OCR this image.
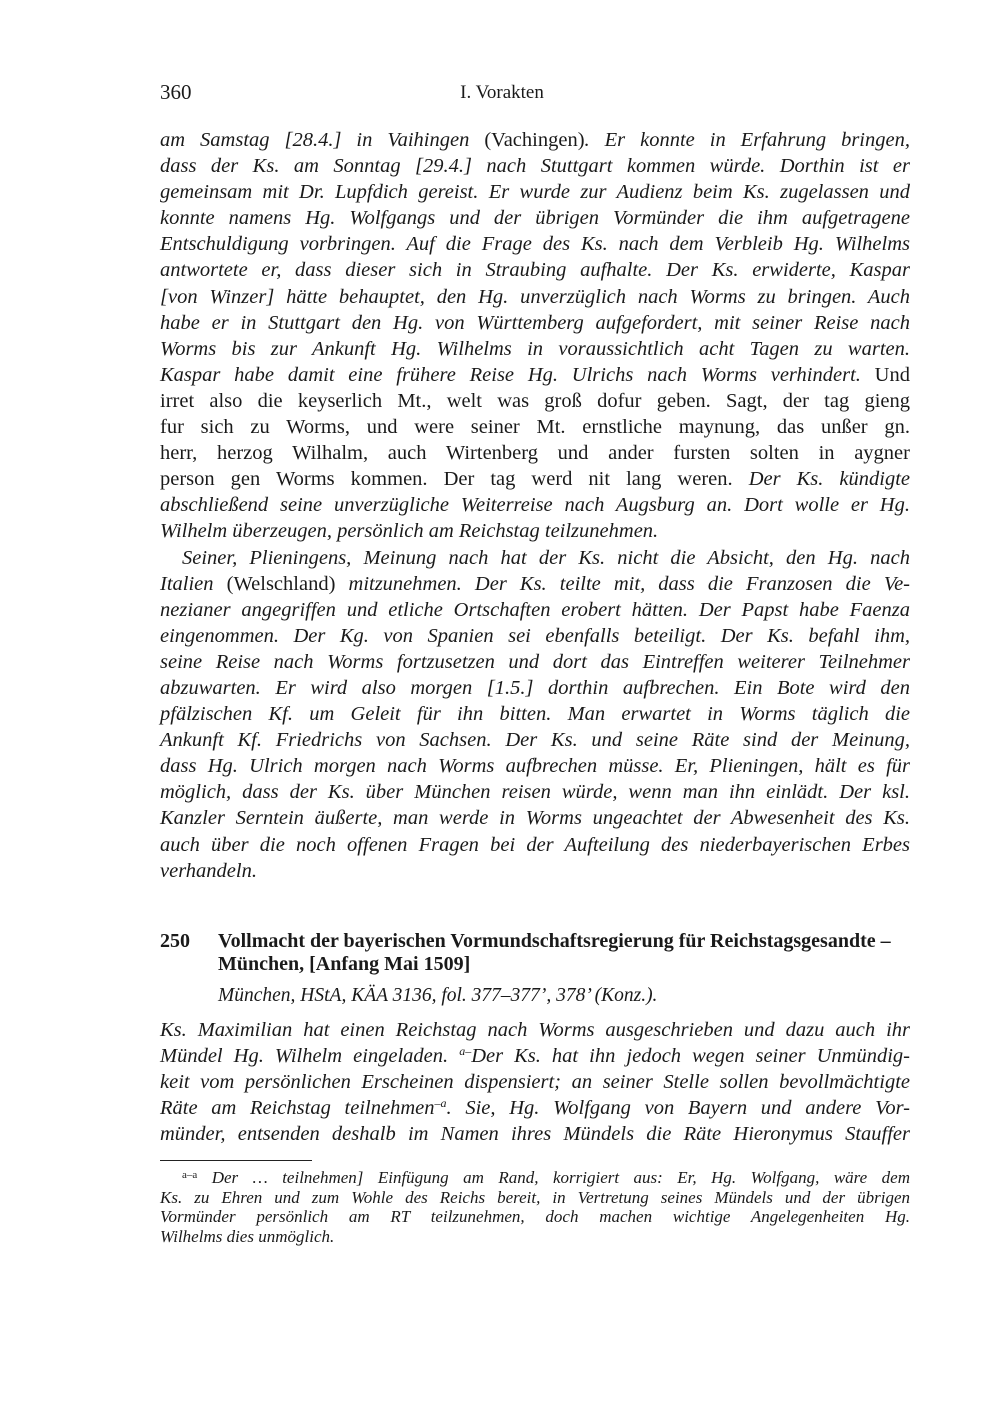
360	I. Vorakten
am Samstag [28.4.] in Vaihingen (Vachingen). Er konnte in Erfahrung bringen,
dass der Ks. am Sonntag [29.4.] nach Stuttgart kommen würde. Dorthin ist er
gemeinsam mit Dr. Lupfdich gereist. Er wurde zur Audienz beim Ks. zugelassen und
konnte namens Hg. Wolfgangs und der übrigen Vormünder die ihm aufgetragene
Entschuldigung vorbringen. Auf die Frage des Ks. nach dem Verbleib Hg. Wilhelms
antwortete er, dass dieser sich in Straubing aufhalte. Der Ks. erwiderte, Kaspar
[von Winzer] hätte behauptet, den Hg. unverzüglich nach Worms zu bringen. Auch
habe er in Stuttgart den Hg. von Württemberg aufgefordert, mit seiner Reise nach
Worms bis zur Ankunft Hg. Wilhelms in voraussichtlich acht Tagen zu warten.
Kaspar habe damit eine frühere Reise Hg. Ulrichs nach Worms verhindert. Und
irret also die keyserlich Mt., welt was groß dofur geben. Sagt, der tag gieng
fur sich zu Worms, und were seiner Mt. ernstliche maynung, das unßer gn.
herr, herzog Wilhalm, auch Wirtenberg und ander fursten solten in aygner
person gen Worms kommen. Der tag werd nit lang weren. Der Ks. kündigte
abschließend seine unverzügliche Weiterreise nach Augsburg an. Dort wolle er Hg.
Wilhelm überzeugen, persönlich am Reichstag teilzunehmen.
Seiner, Plieningens, Meinung nach hat der Ks. nicht die Absicht, den Hg. nach
Italien (Welschland) mitzunehmen. Der Ks. teilte mit, dass die Franzosen die Ve-
nezianer angegriffen und etliche Ortschaften erobert hätten. Der Papst habe Faenza
eingenommen. Der Kg. von Spanien sei ebenfalls beteiligt. Der Ks. befahl ihm,
seine Reise nach Worms fortzusetzen und dort das Eintreffen weiterer Teilnehmer
abzuwarten. Er wird also morgen [1.5.] dorthin aufbrechen. Ein Bote wird den
pfälzischen Kf. um Geleit für ihn bitten. Man erwartet in Worms täglich die
Ankunft Kf. Friedrichs von Sachsen. Der Ks. und seine Räte sind der Meinung,
dass Hg. Ulrich morgen nach Worms aufbrechen müsse. Er, Plieningen, hält es für
möglich, dass der Ks. über München reisen würde, wenn man ihn einlädt. Der ksl.
Kanzler Serntein äußerte, man werde in Worms ungeachtet der Abwesenheit des Ks.
auch über die noch offenen Fragen bei der Aufteilung des niederbayerischen Erbes
verhandeln.
250 Vollmacht der bayerischen Vormundschaftsregierung für Reichstagsgesandte –
München, [Anfang Mai 1509]
München, HStA, KÄA 3136, fol. 377–377’, 378’ (Konz.).
Ks. Maximilian hat einen Reichstag nach Worms ausgeschrieben und dazu auch ihr
Mündel Hg. Wilhelm eingeladen. $^{a-}$Der Ks. hat ihn jedoch wegen seiner Unmündig-
keit vom persönlichen Erscheinen dispensiert; an seiner Stelle sollen bevollmächtigte
Räte am Reichstag teilnehmen$^{-a}$. Sie, Hg. Wolfgang von Bayern und andere Vor-
münder, entsenden deshalb im Namen ihres Mündels die Räte Hieronymus Stauffer
$^{a-a}$ Der … teilnehmen] Einfügung am Rand, korrigiert aus: Er, Hg. Wolfgang, wäre dem
Ks. zu Ehren und zum Wohle des Reichs bereit, in Vertretung seines Mündels und der übrigen
Vormünder persönlich am RT teilzunehmen, doch machen wichtige Angelegenheiten Hg.
Wilhelms dies unmöglich.
